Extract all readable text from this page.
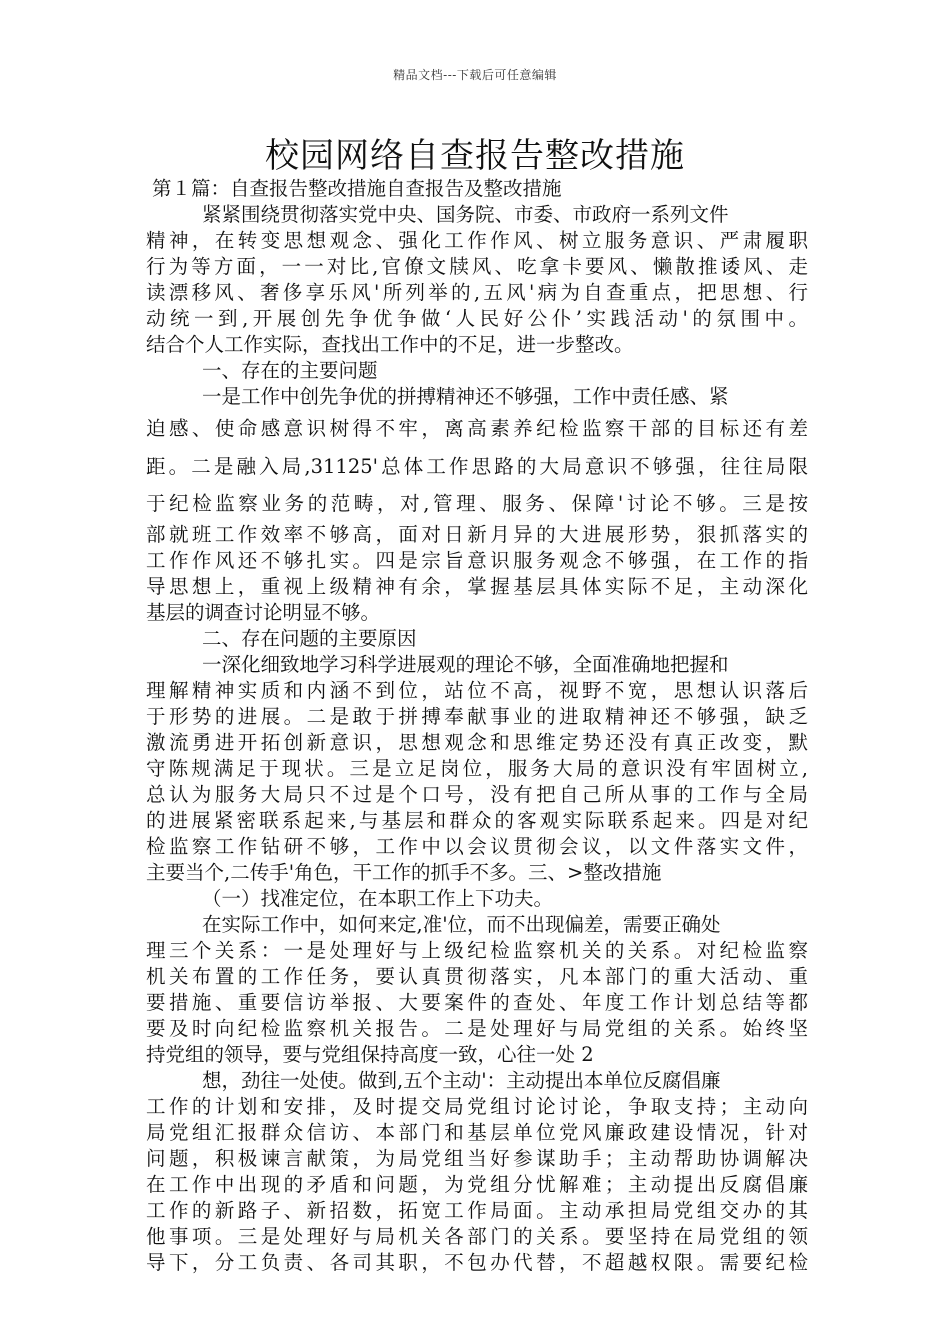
精品文档---下载后可任意编辑
校园网络自查报告整改措施
第１篇：自查报告整改措施自查报告及整改措施
紧紧围绕贯彻落实党中央、国务院、市委、市政府一系列文件
精神，在转变思想观念、强化工作作风、树立服务意识、严肃履职
行为等方面，一一对比,官僚文牍风、吃拿卡要风、懒散推诿风、走
读漂移风、奢侈享乐风'所列举的,五风'病为自查重点，把思想、行
动统一到,开展创先争优争做‘人民好公仆’实践活动'的氛围中。
结合个人工作实际，查找出工作中的不足，进一步整改。
一、存在的主要问题
一是工作中创先争优的拼搏精神还不够强，工作中责任感、紧
迫感、使命感意识树得不牢，离高素养纪检监察干部的目标还有差
距。二是融入局,31125'总体工作思路的大局意识不够强，往往局限
于纪检监察业务的范畴，对,管理、服务、保障'讨论不够。三是按
部就班工作效率不够高，面对日新月异的大进展形势，狠抓落实的
工作作风还不够扎实。四是宗旨意识服务观念不够强，在工作的指
导思想上，重视上级精神有余，掌握基层具体实际不足，主动深化
基层的调查讨论明显不够。
二、存在问题的主要原因
一深化细致地学习科学进展观的理论不够，全面准确地把握和
理解精神实质和内涵不到位，站位不高，视野不宽，思想认识落后
于形势的进展。二是敢于拼搏奉献事业的进取精神还不够强，缺乏
激流勇进开拓创新意识，思想观念和思维定势还没有真正改变，默
守陈规满足于现状。三是立足岗位，服务大局的意识没有牢固树立,
总认为服务大局只不过是个口号，没有把自己所从事的工作与全局
的进展紧密联系起来,与基层和群众的客观实际联系起来。四是对纪
检监察工作钻研不够，工作中以会议贯彻会议，以文件落实文件，
主要当个,二传手'角色，干工作的抓手不多。三、>整改措施
（一）找准定位，在本职工作上下功夫。
在实际工作中，如何来定,准'位，而不出现偏差，需要正确处
理三个关系：一是处理好与上级纪检监察机关的关系。对纪检监察
机关布置的工作任务，要认真贯彻落实，凡本部门的重大活动、重
要措施、重要信访举报、大要案件的查处、年度工作计划总结等都
要及时向纪检监察机关报告。二是处理好与局党组的关系。始终坚
持党组的领导，要与党组保持高度一致，心往一处 2
想，劲往一处使。做到,五个主动'：主动提出本单位反腐倡廉
工作的计划和安排，及时提交局党组讨论讨论，争取支持；主动向
局党组汇报群众信访、本部门和基层单位党风廉政建设情况，针对
问题，积极谏言献策，为局党组当好参谋助手；主动帮助协调解决
在工作中出现的矛盾和问题，为党组分忧解难；主动提出反腐倡廉
工作的新路子、新招数，拓宽工作局面。主动承担局党组交办的其
他事项。三是处理好与局机关各部门的关系。要坚持在局党组的领
导下，分工负责、各司其职，不包办代替，不超越权限。需要纪检
